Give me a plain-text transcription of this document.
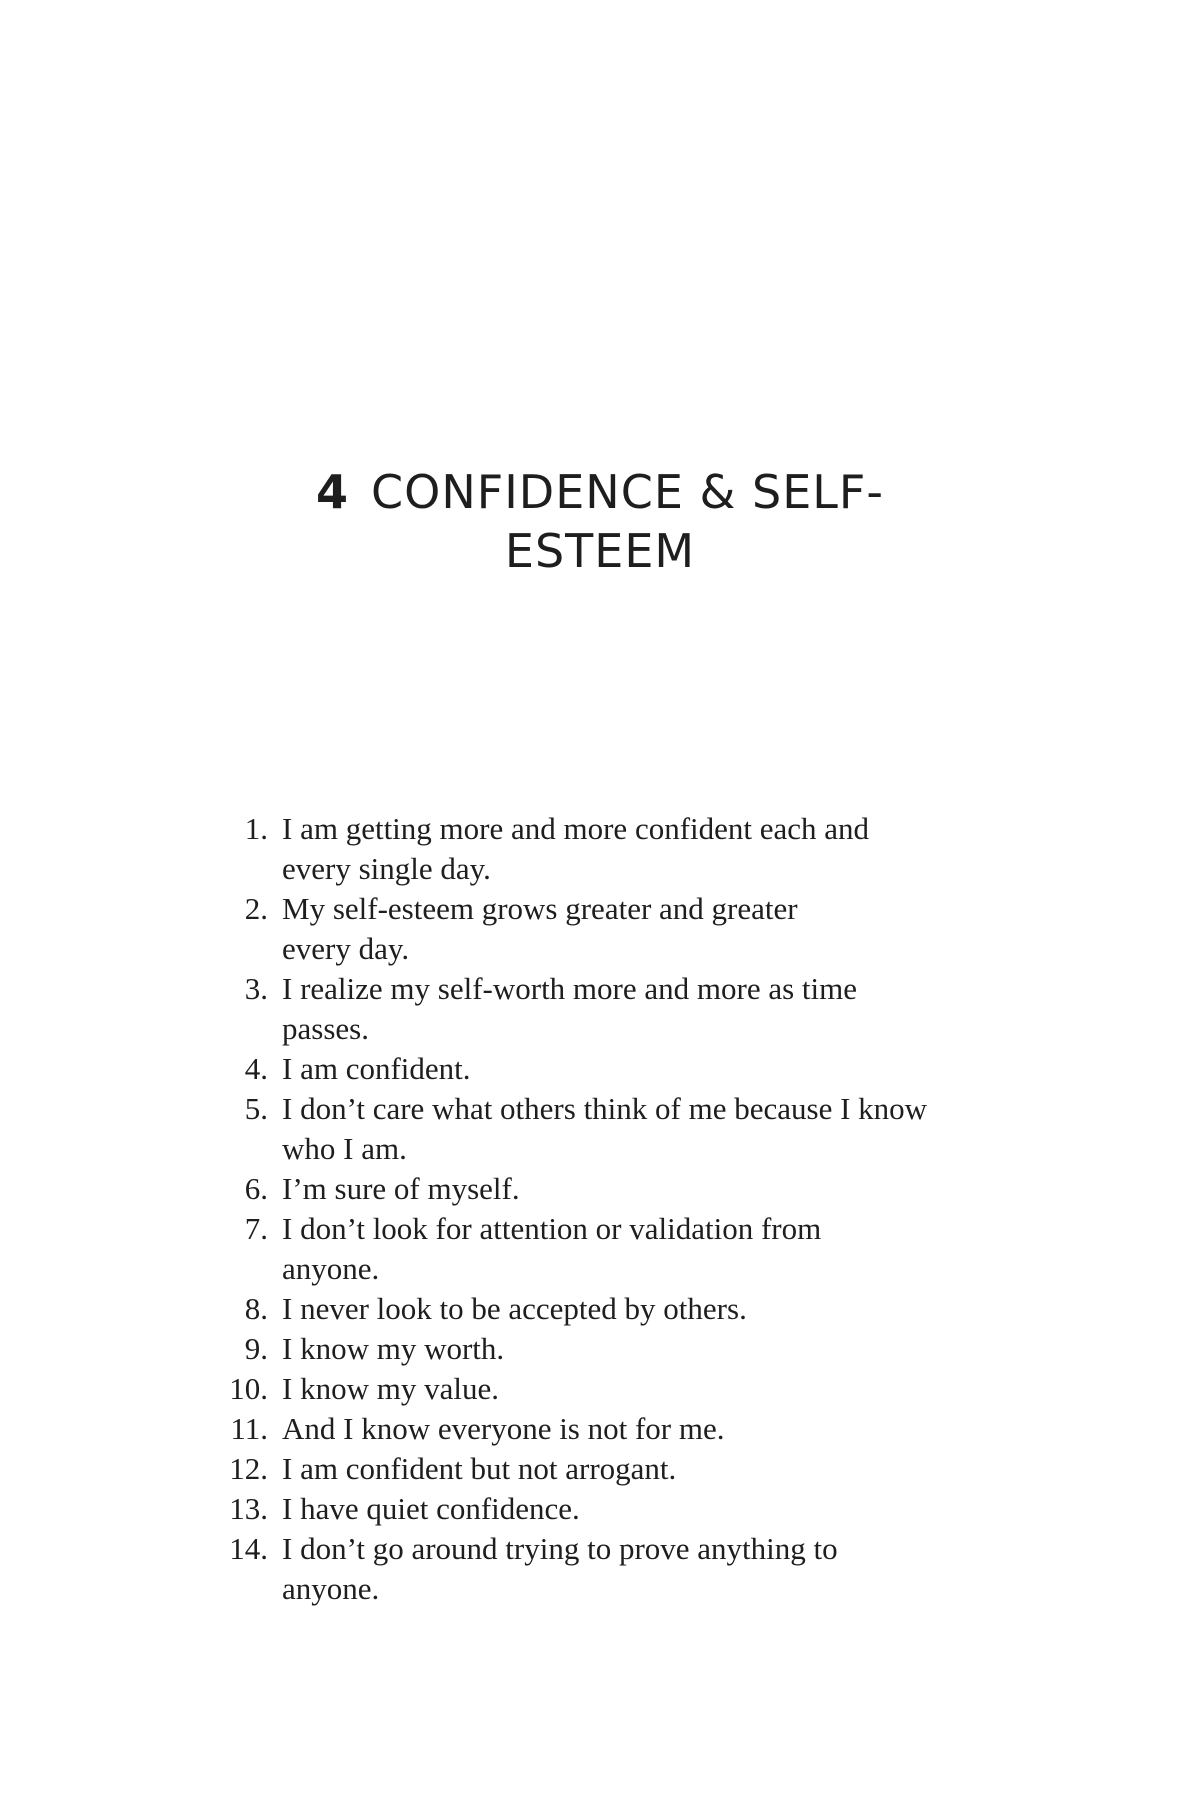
4 CONFIDENCE & SELF-
ESTEEM
1. I am getting more and more confident each and
every single day.
2. My self-esteem grows greater and greater
every day.
3. I realize my self-worth more and more as time
passes.
4. I am confident.
5. I don’t care what others think of me because I know
who I am.
6. I’m sure of myself.
7. I don’t look for attention or validation from
anyone.
8. I never look to be accepted by others.
9. I know my worth.
10. I know my value.
11. And I know everyone is not for me.
12. I am confident but not arrogant.
13. I have quiet confidence.
14. I don’t go around trying to prove anything to
anyone.
